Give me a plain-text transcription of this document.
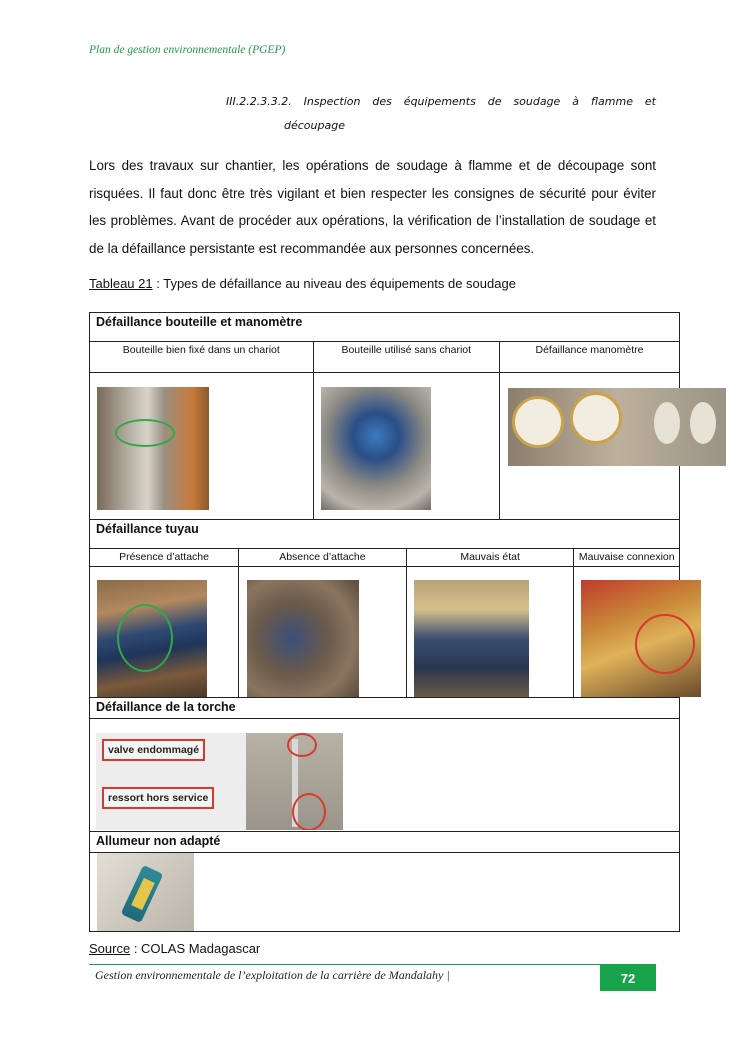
Plan de gestion environnementale (PGEP)
III.2.2.3.3.2. Inspection des équipements de soudage à flamme et
découpage
Lors des travaux sur chantier, les opérations de soudage à flamme et de découpage sont risquées. Il faut donc être très vigilant et bien respecter les consignes de sécurité pour éviter les problèmes. Avant de procéder aux opérations, la vérification de l’installation de soudage et de la défaillance persistante est recommandée aux personnes concernées.
Tableau 21 : Types de défaillance au niveau des équipements de soudage
Défaillance bouteille et manomètre					
Bouteille bien fixé dans un chariot		Bouteille utilisé sans chariot		Défaillance manomètre	

Défaillance tuyau					
Présence d’attache	Absence d’attache		Mauvais état		Mauvaise connexion

Défaillance de la torche					

valve endommagé
ressort hors service					

Allumeur non adapté					

Source : COLAS Madagascar
Gestion environnementale de l’exploitation de la carrière de Mandalahy |	72
